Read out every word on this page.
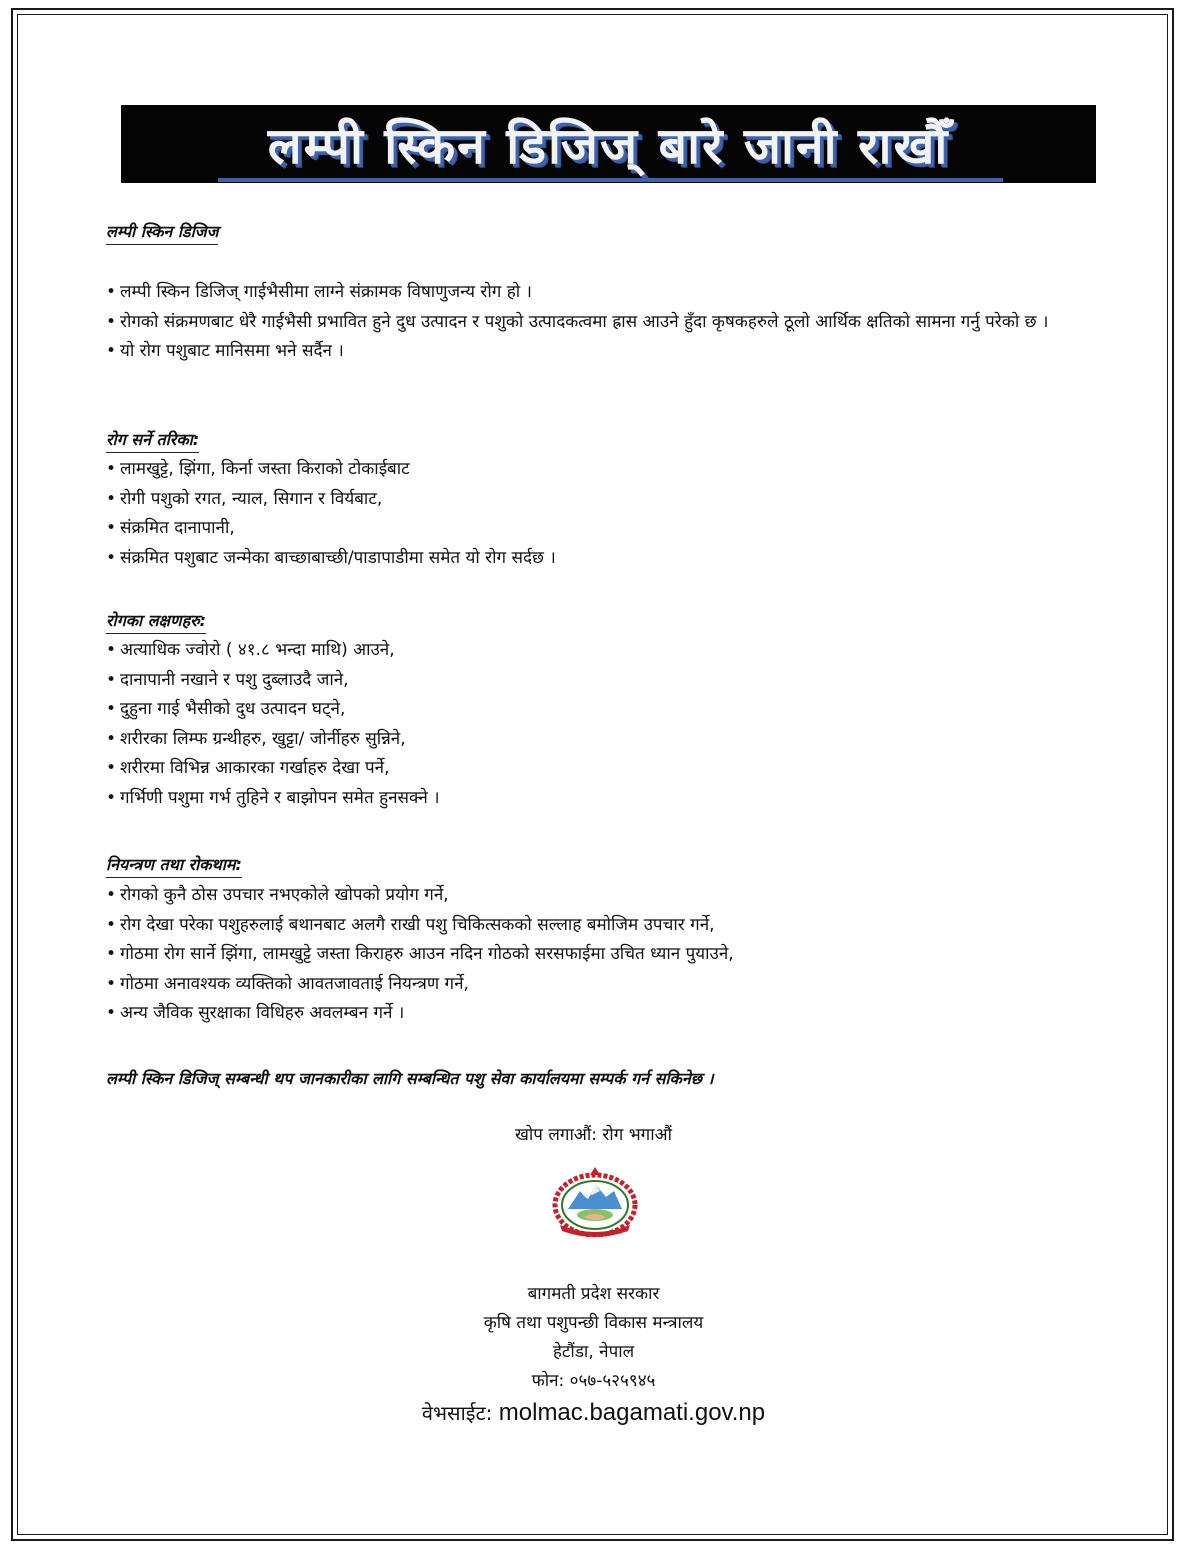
लम्पी स्किन डिजिज् बारे जानी राखौँ
लम्पी स्किन डिजिज
• लम्पी स्किन डिजिज् गाईभैसीमा लाग्ने संक्रामक विषाणुजन्य रोग हो ।
• रोगको संक्रमणबाट धेरै गाईभैसी प्रभावित हुने दुध उत्पादन र पशुको उत्पादकत्वमा ह्रास आउने हुँदा कृषकहरुले ठूलो आर्थिक क्षतिको सामना गर्नु परेको छ ।
• यो रोग पशुबाट मानिसमा भने सर्दैन ।
रोग सर्ने तरिका:
• लामखुट्टे, झिंगा, किर्ना जस्ता किराको टोकाईबाट
• रोगी पशुको रगत, न्याल, सिगान र विर्यबाट,
• संक्रमित दानापानी,
• संक्रमित पशुबाट जन्मेका बाच्छाबाच्छी/पाडापाडीमा समेत यो रोग सर्दछ ।
रोगका लक्षणहरु:
• अत्याधिक ज्वोरो ( ४१.८ भन्दा माथि) आउने,
• दानापानी नखाने र पशु दुब्लाउदै जाने,
• दुहुना गाई भैसीको दुध उत्पादन घट्ने,
• शरीरका लिम्फ ग्रन्थीहरु, खुट्टा/ जोर्नीहरु सुन्निने,
• शरीरमा विभिन्न आकारका गर्खाहरु देखा पर्ने,
• गर्भिणी पशुमा गर्भ तुहिने र बाझोपन समेत हुनसक्ने ।
नियन्त्रण तथा रोकथाम:
• रोगको कुनै ठोस उपचार नभएकोले खोपको प्रयोग गर्ने,
• रोग देखा परेका पशुहरुलाई बथानबाट अलगै राखी पशु चिकित्सकको सल्लाह बमोजिम उपचार गर्ने,
• गोठमा रोग सार्ने झिंगा, लामखुट्टे जस्ता किराहरु आउन नदिन गोठको सरसफाईमा उचित ध्यान पुयाउने,
• गोठमा अनावश्यक व्यक्तिको आवतजावताई नियन्त्रण गर्ने,
• अन्य जैविक सुरक्षाका विधिहरु अवलम्बन गर्ने ।
लम्पी स्किन डिजिज् सम्बन्धी थप जानकारीका लागि सम्बन्धित पशु सेवा कार्यालयमा सम्पर्क गर्न सकिनेछ ।
खोप लगाऔं: रोग भगाऔं
बागमती प्रदेश सरकार
कृषि तथा पशुपन्छी विकास मन्त्रालय
हेटौंडा, नेपाल
फोन: ०५७-५२५९४५
वेभसाईट: molmac.bagamati.gov.np
